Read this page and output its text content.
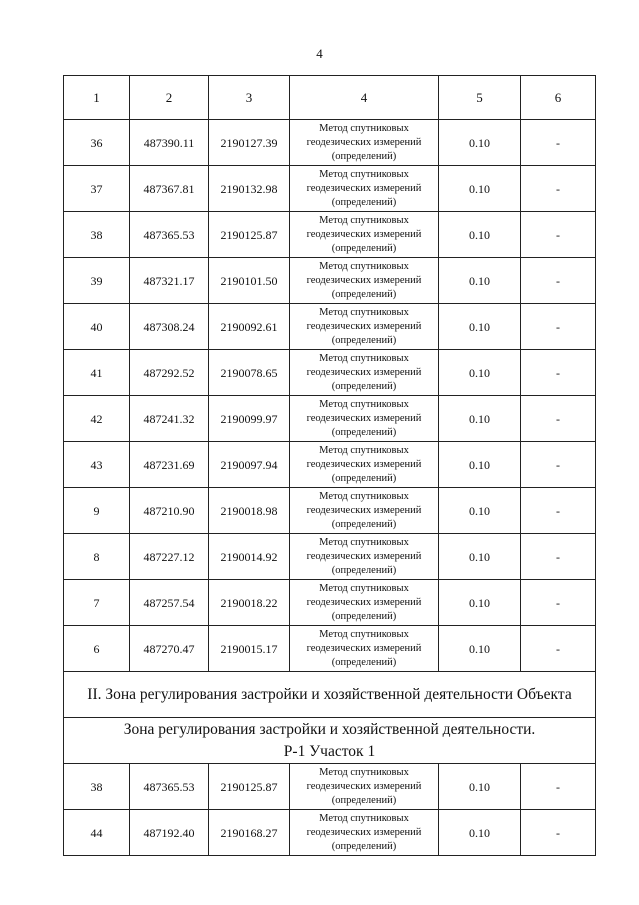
4
1	2	3	4	5	6
36	487390.11	2190127.39	Метод спутниковых
геодезических измерений
(определений)	0.10	-
37	487367.81	2190132.98	Метод спутниковых
геодезических измерений
(определений)	0.10	-
38	487365.53	2190125.87	Метод спутниковых
геодезических измерений
(определений)	0.10	-
39	487321.17	2190101.50	Метод спутниковых
геодезических измерений
(определений)	0.10	-
40	487308.24	2190092.61	Метод спутниковых
геодезических измерений
(определений)	0.10	-
41	487292.52	2190078.65	Метод спутниковых
геодезических измерений
(определений)	0.10	-
42	487241.32	2190099.97	Метод спутниковых
геодезических измерений
(определений)	0.10	-
43	487231.69	2190097.94	Метод спутниковых
геодезических измерений
(определений)	0.10	-
9	487210.90	2190018.98	Метод спутниковых
геодезических измерений
(определений)	0.10	-
8	487227.12	2190014.92	Метод спутниковых
геодезических измерений
(определений)	0.10	-
7	487257.54	2190018.22	Метод спутниковых
геодезических измерений
(определений)	0.10	-
6	487270.47	2190015.17	Метод спутниковых
геодезических измерений
(определений)	0.10	-
II. Зона регулирования застройки и хозяйственной деятельности Объекта					

Зона регулирования застройки и хозяйственной деятельности.
Р-1 Участок 1					

38	487365.53	2190125.87	Метод спутниковых
геодезических измерений
(определений)	0.10	-
44	487192.40	2190168.27	Метод спутниковых
геодезических измерений
(определений)	0.10	-
